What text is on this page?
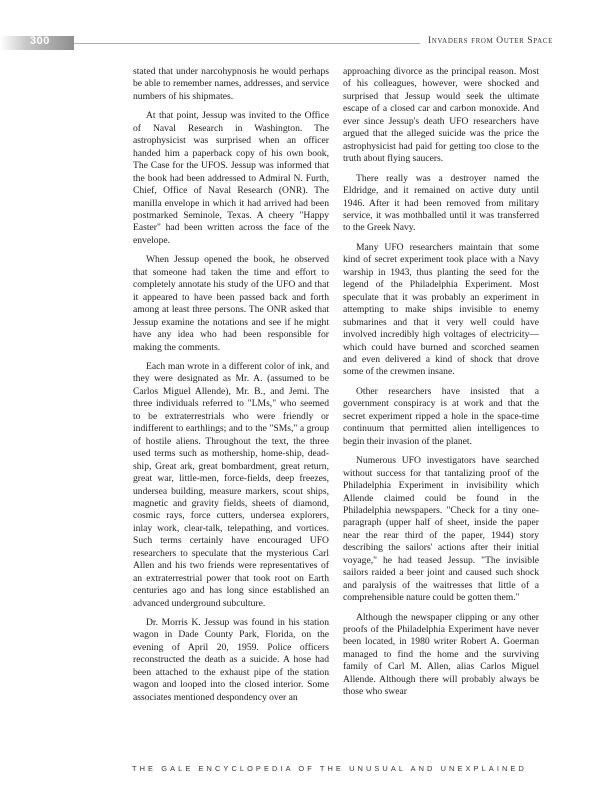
300	Invaders from Outer Space

stated that under narcohypnosis he would perhaps be able to remember names, addresses, and service numbers of his shipmates.

At that point, Jessup was invited to the Office of Naval Research in Washington. The astrophysicist was surprised when an officer handed him a paperback copy of his own book, The Case for the UFOS. Jessup was informed that the book had been addressed to Admiral N. Furth, Chief, Office of Naval Research (ONR). The manilla envelope in which it had arrived had been postmarked Seminole, Texas. A cheery "Happy Easter" had been written across the face of the envelope.

When Jessup opened the book, he observed that someone had taken the time and effort to completely annotate his study of the UFO and that it appeared to have been passed back and forth among at least three persons. The ONR asked that Jessup examine the notations and see if he might have any idea who had been responsible for making the comments.

Each man wrote in a different color of ink, and they were designated as Mr. A. (assumed to be Carlos Miguel Allende), Mr. B., and Jemi. The three individuals referred to "LMs," who seemed to be extraterrestrials who were friendly or indifferent to earthlings; and to the "SMs," a group of hostile aliens. Throughout the text, the three used terms such as mothership, home-ship, dead-ship, Great ark, great bombardment, great return, great war, little-men, force-fields, deep freezes, undersea building, measure markers, scout ships, magnetic and gravity fields, sheets of diamond, cosmic rays, force cutters, undersea explorers, inlay work, clear-talk, telepathing, and vortices. Such terms certainly have encouraged UFO researchers to speculate that the mysterious Carl Allen and his two friends were representatives of an extraterrestrial power that took root on Earth centuries ago and has long since established an advanced underground subculture.

Dr. Morris K. Jessup was found in his station wagon in Dade County Park, Florida, on the evening of April 20, 1959. Police officers reconstructed the death as a suicide. A hose had been attached to the exhaust pipe of the station wagon and looped into the closed interior. Some associates mentioned despondency over an

approaching divorce as the principal reason. Most of his colleagues, however, were shocked and surprised that Jessup would seek the ultimate escape of a closed car and carbon monoxide. And ever since Jessup's death UFO researchers have argued that the alleged suicide was the price the astrophysicist had paid for getting too close to the truth about flying saucers.

There really was a destroyer named the Eldridge, and it remained on active duty until 1946. After it had been removed from military service, it was mothballed until it was transferred to the Greek Navy.

Many UFO researchers maintain that some kind of secret experiment took place with a Navy warship in 1943, thus planting the seed for the legend of the Philadelphia Experiment. Most speculate that it was probably an experiment in attempting to make ships invisible to enemy submarines and that it very well could have involved incredibly high voltages of electricity—which could have burned and scorched seamen and even delivered a kind of shock that drove some of the crewmen insane.

Other researchers have insisted that a government conspiracy is at work and that the secret experiment ripped a hole in the space-time continuum that permitted alien intelligences to begin their invasion of the planet.

Numerous UFO investigators have searched without success for that tantalizing proof of the Philadelphia Experiment in invisibility which Allende claimed could be found in the Philadelphia newspapers. "Check for a tiny one-paragraph (upper half of sheet, inside the paper near the rear third of the paper, 1944) story describing the sailors' actions after their initial voyage," he had teased Jessup. "The invisible sailors raided a beer joint and caused such shock and paralysis of the waitresses that little of a comprehensible nature could be gotten them."

Although the newspaper clipping or any other proofs of the Philadelphia Experiment have never been located, in 1980 writer Robert A. Goerman managed to find the home and the surviving family of Carl M. Allen, alias Carlos Miguel Allende. Although there will probably always be those who swear

THE GALE ENCYCLOPEDIA OF THE UNUSUAL AND UNEXPLAINED
